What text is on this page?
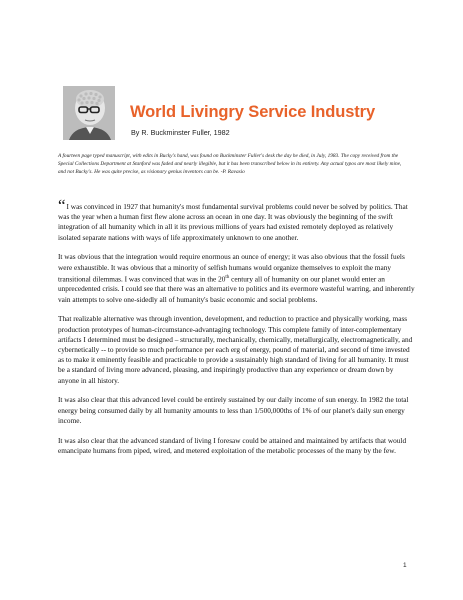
World Livingry Service Industry
By R. Buckminster Fuller, 1982
A fourteen page typed manuscript, with edits in Bucky's hand, was found on Buckminster Fuller's desk the day he died, in July, 1983. The copy received from the Special Collections Department at Stanford was faded and nearly illegible, but it has been transcribed below in its entirety. Any actual typos are most likely mine, and not Bucky's. He was quite precise, as visionary genius inventors can be. -P. Ravasio

“I was convinced in 1927 that humanity's most fundamental survival problems could never be solved by politics. That was the year when a human first flew alone across an ocean in one day. It was obviously the beginning of the swift integration of all humanity which in all it its previous millions of years had existed remotely deployed as relatively isolated separate nations with ways of life approximately unknown to one another.

It was obvious that the integration would require enormous an ounce of energy; it was also obvious that the fossil fuels were exhaustible. It was obvious that a minority of selfish humans would organize themselves to exploit the many transitional dilemmas. I was convinced that was in the 20th century all of humanity on our planet would enter an unprecedented crisis. I could see that there was an alternative to politics and its evermore wasteful warring, and inherently vain attempts to solve one-sidedly all of humanity's basic economic and social problems.

That realizable alternative was through invention, development, and reduction to practice and physically working, mass production prototypes of human-circumstance-advantaging technology. This complete family of inter-complementary artifacts I determined must be designed – structurally, mechanically, chemically, metallurgically, electromagnetically, and cybernetically -- to provide so much performance per each erg of energy, pound of material, and second of time invested as to make it eminently feasible and practicable to provide a sustainably high standard of living for all humanity. It must be a standard of living more advanced, pleasing, and inspiringly productive than any experience or dream down by anyone in all history.

It was also clear that this advanced level could be entirely sustained by our daily income of sun energy. In 1982 the total energy being consumed daily by all humanity amounts to less than 1/500,000ths of 1% of our planet's daily sun energy income.

It was also clear that the advanced standard of living I foresaw could be attained and maintained by artifacts that would emancipate humans from piped, wired, and metered exploitation of the metabolic processes of the many by the few.

1
